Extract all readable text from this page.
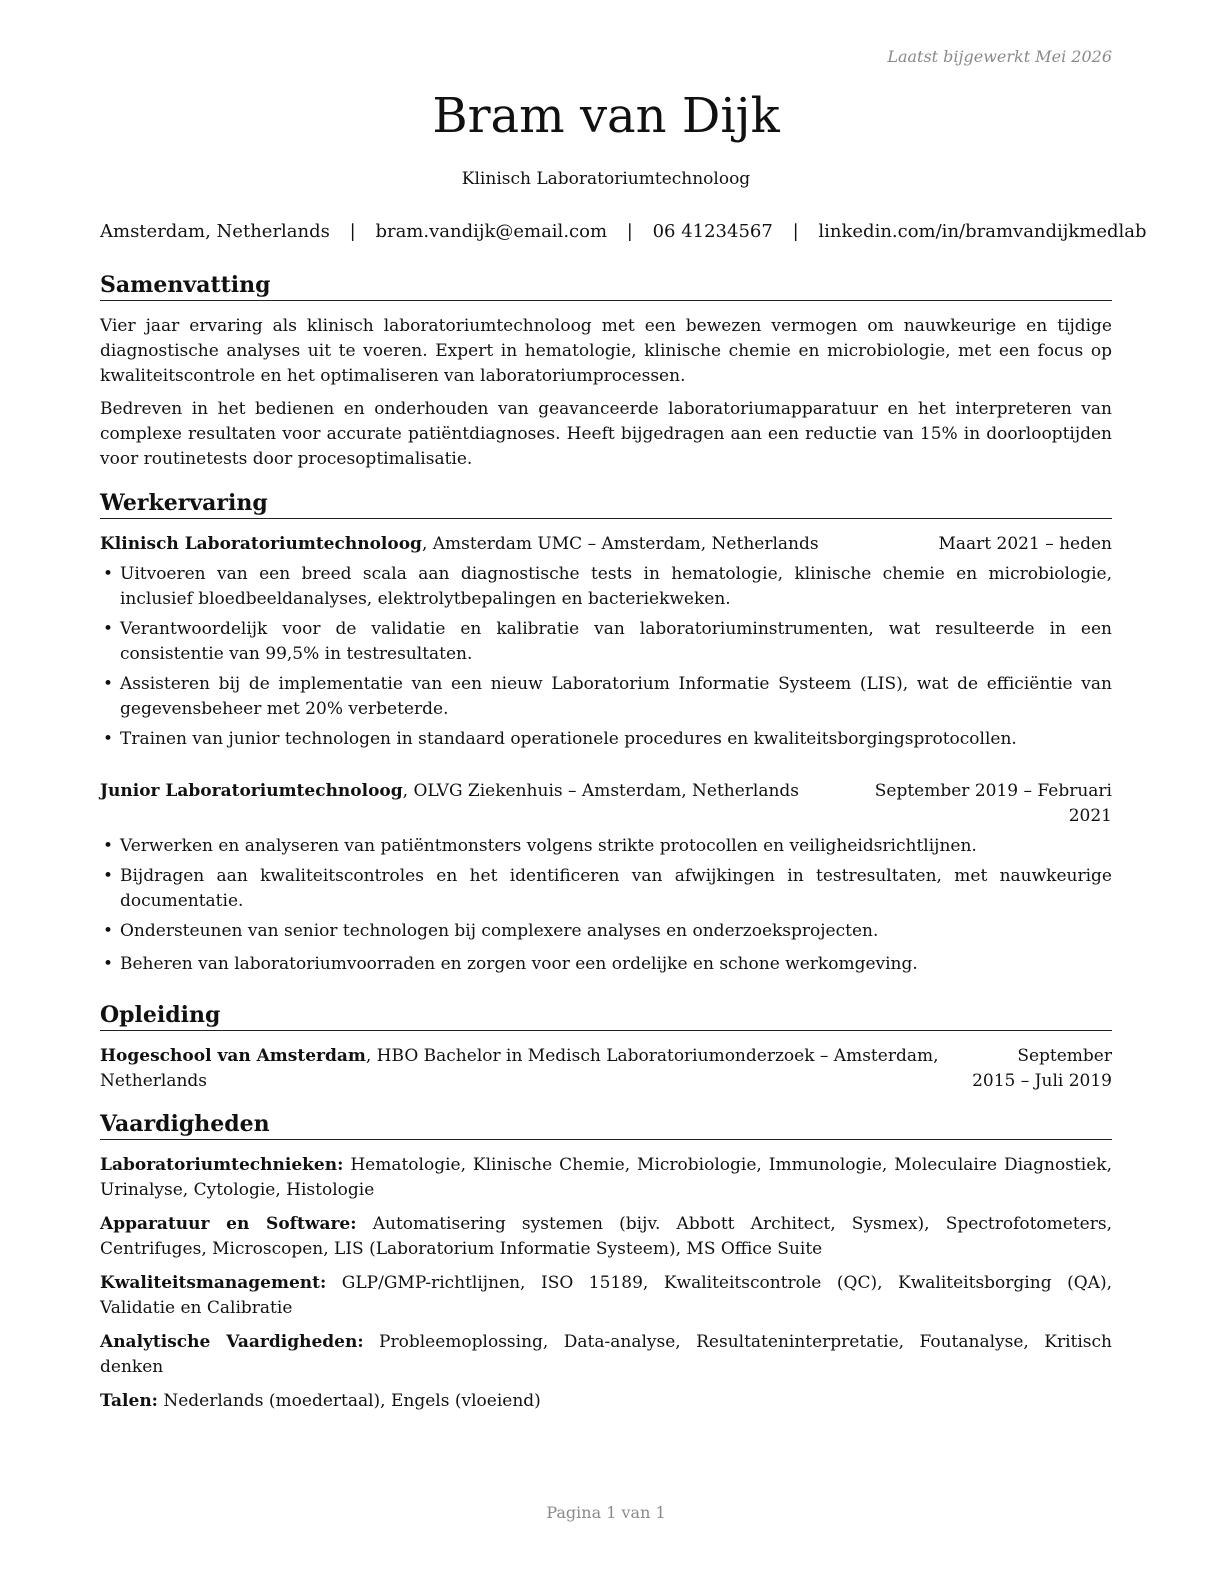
Laatst bijgewerkt Mei 2026
Bram van Dijk
Klinisch Laboratoriumtechnoloog
Amsterdam, Netherlands | bram.vandijk@email.com | 06 41234567 | linkedin.com/in/bramvandijkmedlab
Samenvatting

Vier jaar ervaring als klinisch laboratoriumtechnoloog met een bewezen vermogen om nauwkeurige en tijdige diagnostische analyses uit te voeren. Expert in hematologie, klinische chemie en microbiologie, met een focus op kwaliteitscontrole en het optimaliseren van laboratoriumprocessen.

Bedreven in het bedienen en onderhouden van geavanceerde laboratoriumapparatuur en het interpreteren van complexe resultaten voor accurate patiëntdiagnoses. Heeft bijgedragen aan een reductie van 15% in doorlooptijden voor routinetests door procesoptimalisatie.

Werkervaring
Klinisch Laboratoriumtechnoloog, Amsterdam UMC – Amsterdam, Netherlands	Maart 2021 – heden
• Uitvoeren van een breed scala aan diagnostische tests in hematologie, klinische chemie en microbiologie, inclusief bloedbeeldanalyses, elektrolytbepalingen en bacteriekweken.
• Verantwoordelijk voor de validatie en kalibratie van laboratoriuminstrumenten, wat resulteerde in een consistentie van 99,5% in testresultaten.
• Assisteren bij de implementatie van een nieuw Laboratorium Informatie Systeem (LIS), wat de efficiëntie van gegevensbeheer met 20% verbeterde.
• Trainen van junior technologen in standaard operationele procedures en kwaliteitsborgingsprotocollen.
Junior Laboratoriumtechnoloog, OLVG Ziekenhuis – Amsterdam, Netherlands	September 2019 – Februari 2021
• Verwerken en analyseren van patiëntmonsters volgens strikte protocollen en veiligheidsrichtlijnen.
• Bijdragen aan kwaliteitscontroles en het identificeren van afwijkingen in testresultaten, met nauwkeurige documentatie.
• Ondersteunen van senior technologen bij complexere analyses en onderzoeksprojecten.
• Beheren van laboratoriumvoorraden en zorgen voor een ordelijke en schone werkomgeving.
Opleiding
Hogeschool van Amsterdam, HBO Bachelor in Medisch Laboratoriumonderzoek – Amsterdam, Netherlands
September 2015 – Juli 2019
Vaardigheden

Laboratoriumtechnieken: Hematologie, Klinische Chemie, Microbiologie, Immunologie, Moleculaire Diagnostiek, Urinalyse, Cytologie, Histologie

Apparatuur en Software: Automatisering systemen (bijv. Abbott Architect, Sysmex), Spectrofotometers, Centrifuges, Microscopen, LIS (Laboratorium Informatie Systeem), MS Office Suite

Kwaliteitsmanagement: GLP/GMP-richtlijnen, ISO 15189, Kwaliteitscontrole (QC), Kwaliteitsborging (QA), Validatie en Calibratie

Analytische Vaardigheden: Probleemoplossing, Data-analyse, Resultateninterpretatie, Foutanalyse, Kritisch denken

Talen: Nederlands (moedertaal), Engels (vloeiend)

Pagina 1 van 1
